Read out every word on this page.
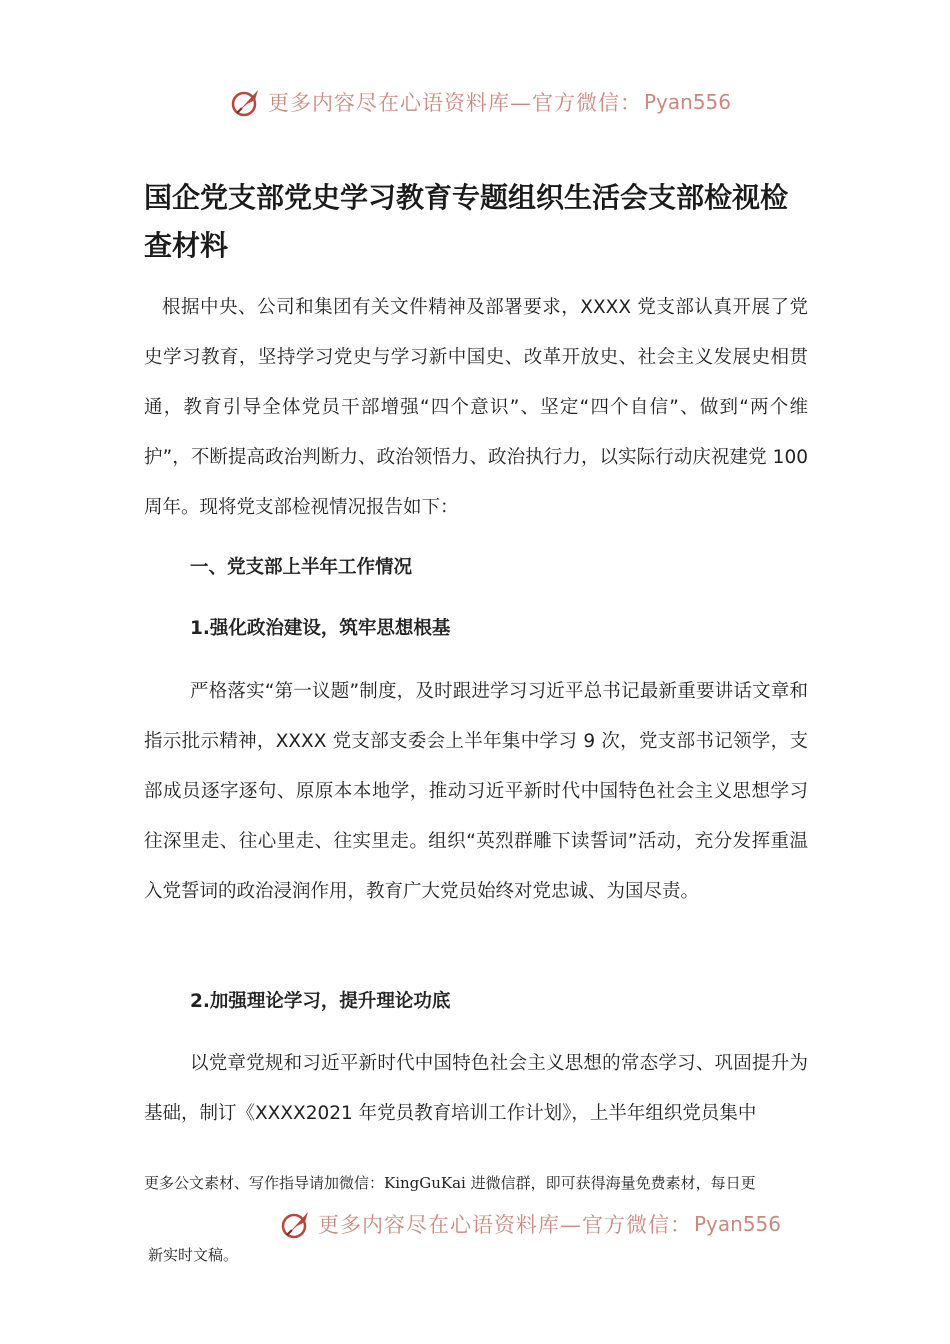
更多内容尽在心语资料库—官方微信： Pyan556
国企党支部党史学习教育专题组织生活会支部检视检查材料

根据中央、公司和集团有关文件精神及部署要求，XXXX 党支部认真开展了党史学习教育，坚持学习党史与学习新中国史、改革开放史、社会主义发展史相贯通，教育引导全体党员干部增强“四个意识”、坚定“四个自信”、做到“两个维护”，不断提高政治判断力、政治领悟力、政治执行力，以实际行动庆祝建党 100 周年。现将党支部检视情况报告如下：

一、党支部上半年工作情况

1.强化政治建设，筑牢思想根基

严格落实“第一议题”制度，及时跟进学习习近平总书记最新重要讲话文章和指示批示精神，XXXX 党支部支委会上半年集中学习 9 次，党支部书记领学，支部成员逐字逐句、原原本本地学，推动习近平新时代中国特色社会主义思想学习往深里走、往心里走、往实里走。组织“英烈群雕下读誓词”活动，充分发挥重温入党誓词的政治浸润作用，教育广大党员始终对党忠诚、为国尽责。

2.加强理论学习，提升理论功底

以党章党规和习近平新时代中国特色社会主义思想的常态学习、巩固提升为基础，制订《XXXX2021 年党员教育培训工作计划》，上半年组织党员集中

更多公文素材、写作指导请加微信：KingGuKai 进微信群，即可获得海量免费素材，每日更
新实时文稿。
更多内容尽在心语资料库—官方微信： Pyan556
